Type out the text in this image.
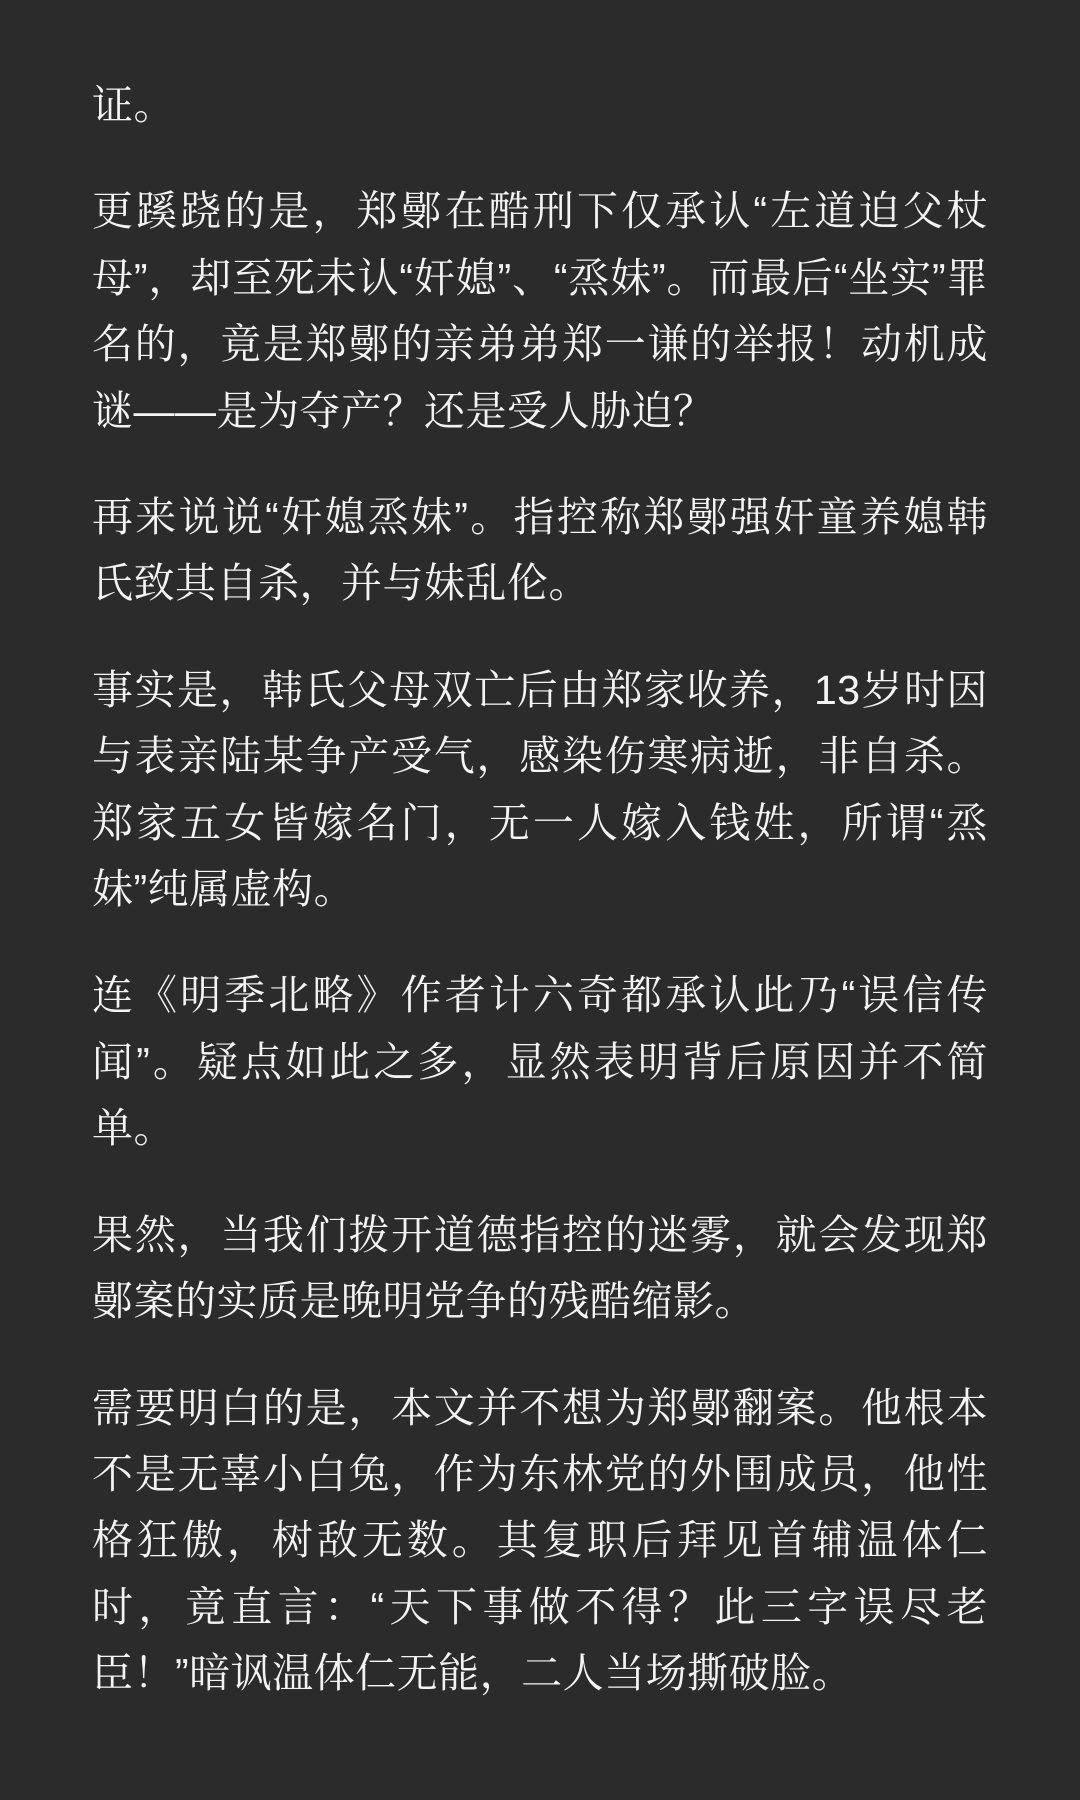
证。

更蹊跷的是，郑鄤在酷刑下仅承认“左道迫父杖母”，却至死未认“奸媳”、“烝妹”。而最后“坐实”罪名的，竟是郑鄤的亲弟弟郑一谦的举报！动机成谜——是为夺产？还是受人胁迫？

再来说说“奸媳烝妹”。指控称郑鄤强奸童养媳韩氏致其自杀，并与妹乱伦。

事实是，韩氏父母双亡后由郑家收养，13岁时因与表亲陆某争产受气，感染伤寒病逝，非自杀。郑家五女皆嫁名门，无一人嫁入钱姓，所谓“烝妹”纯属虚构。

连《明季北略》作者计六奇都承认此乃“误信传闻”。疑点如此之多，显然表明背后原因并不简单。

果然，当我们拨开道德指控的迷雾，就会发现郑鄤案的实质是晚明党争的残酷缩影。

需要明白的是，本文并不想为郑鄤翻案。他根本不是无辜小白兔，作为东林党的外围成员，他性格狂傲，树敌无数。其复职后拜见首辅温体仁时，竟直言：“天下事做不得？此三字误尽老臣！”暗讽温体仁无能，二人当场撕破脸。
